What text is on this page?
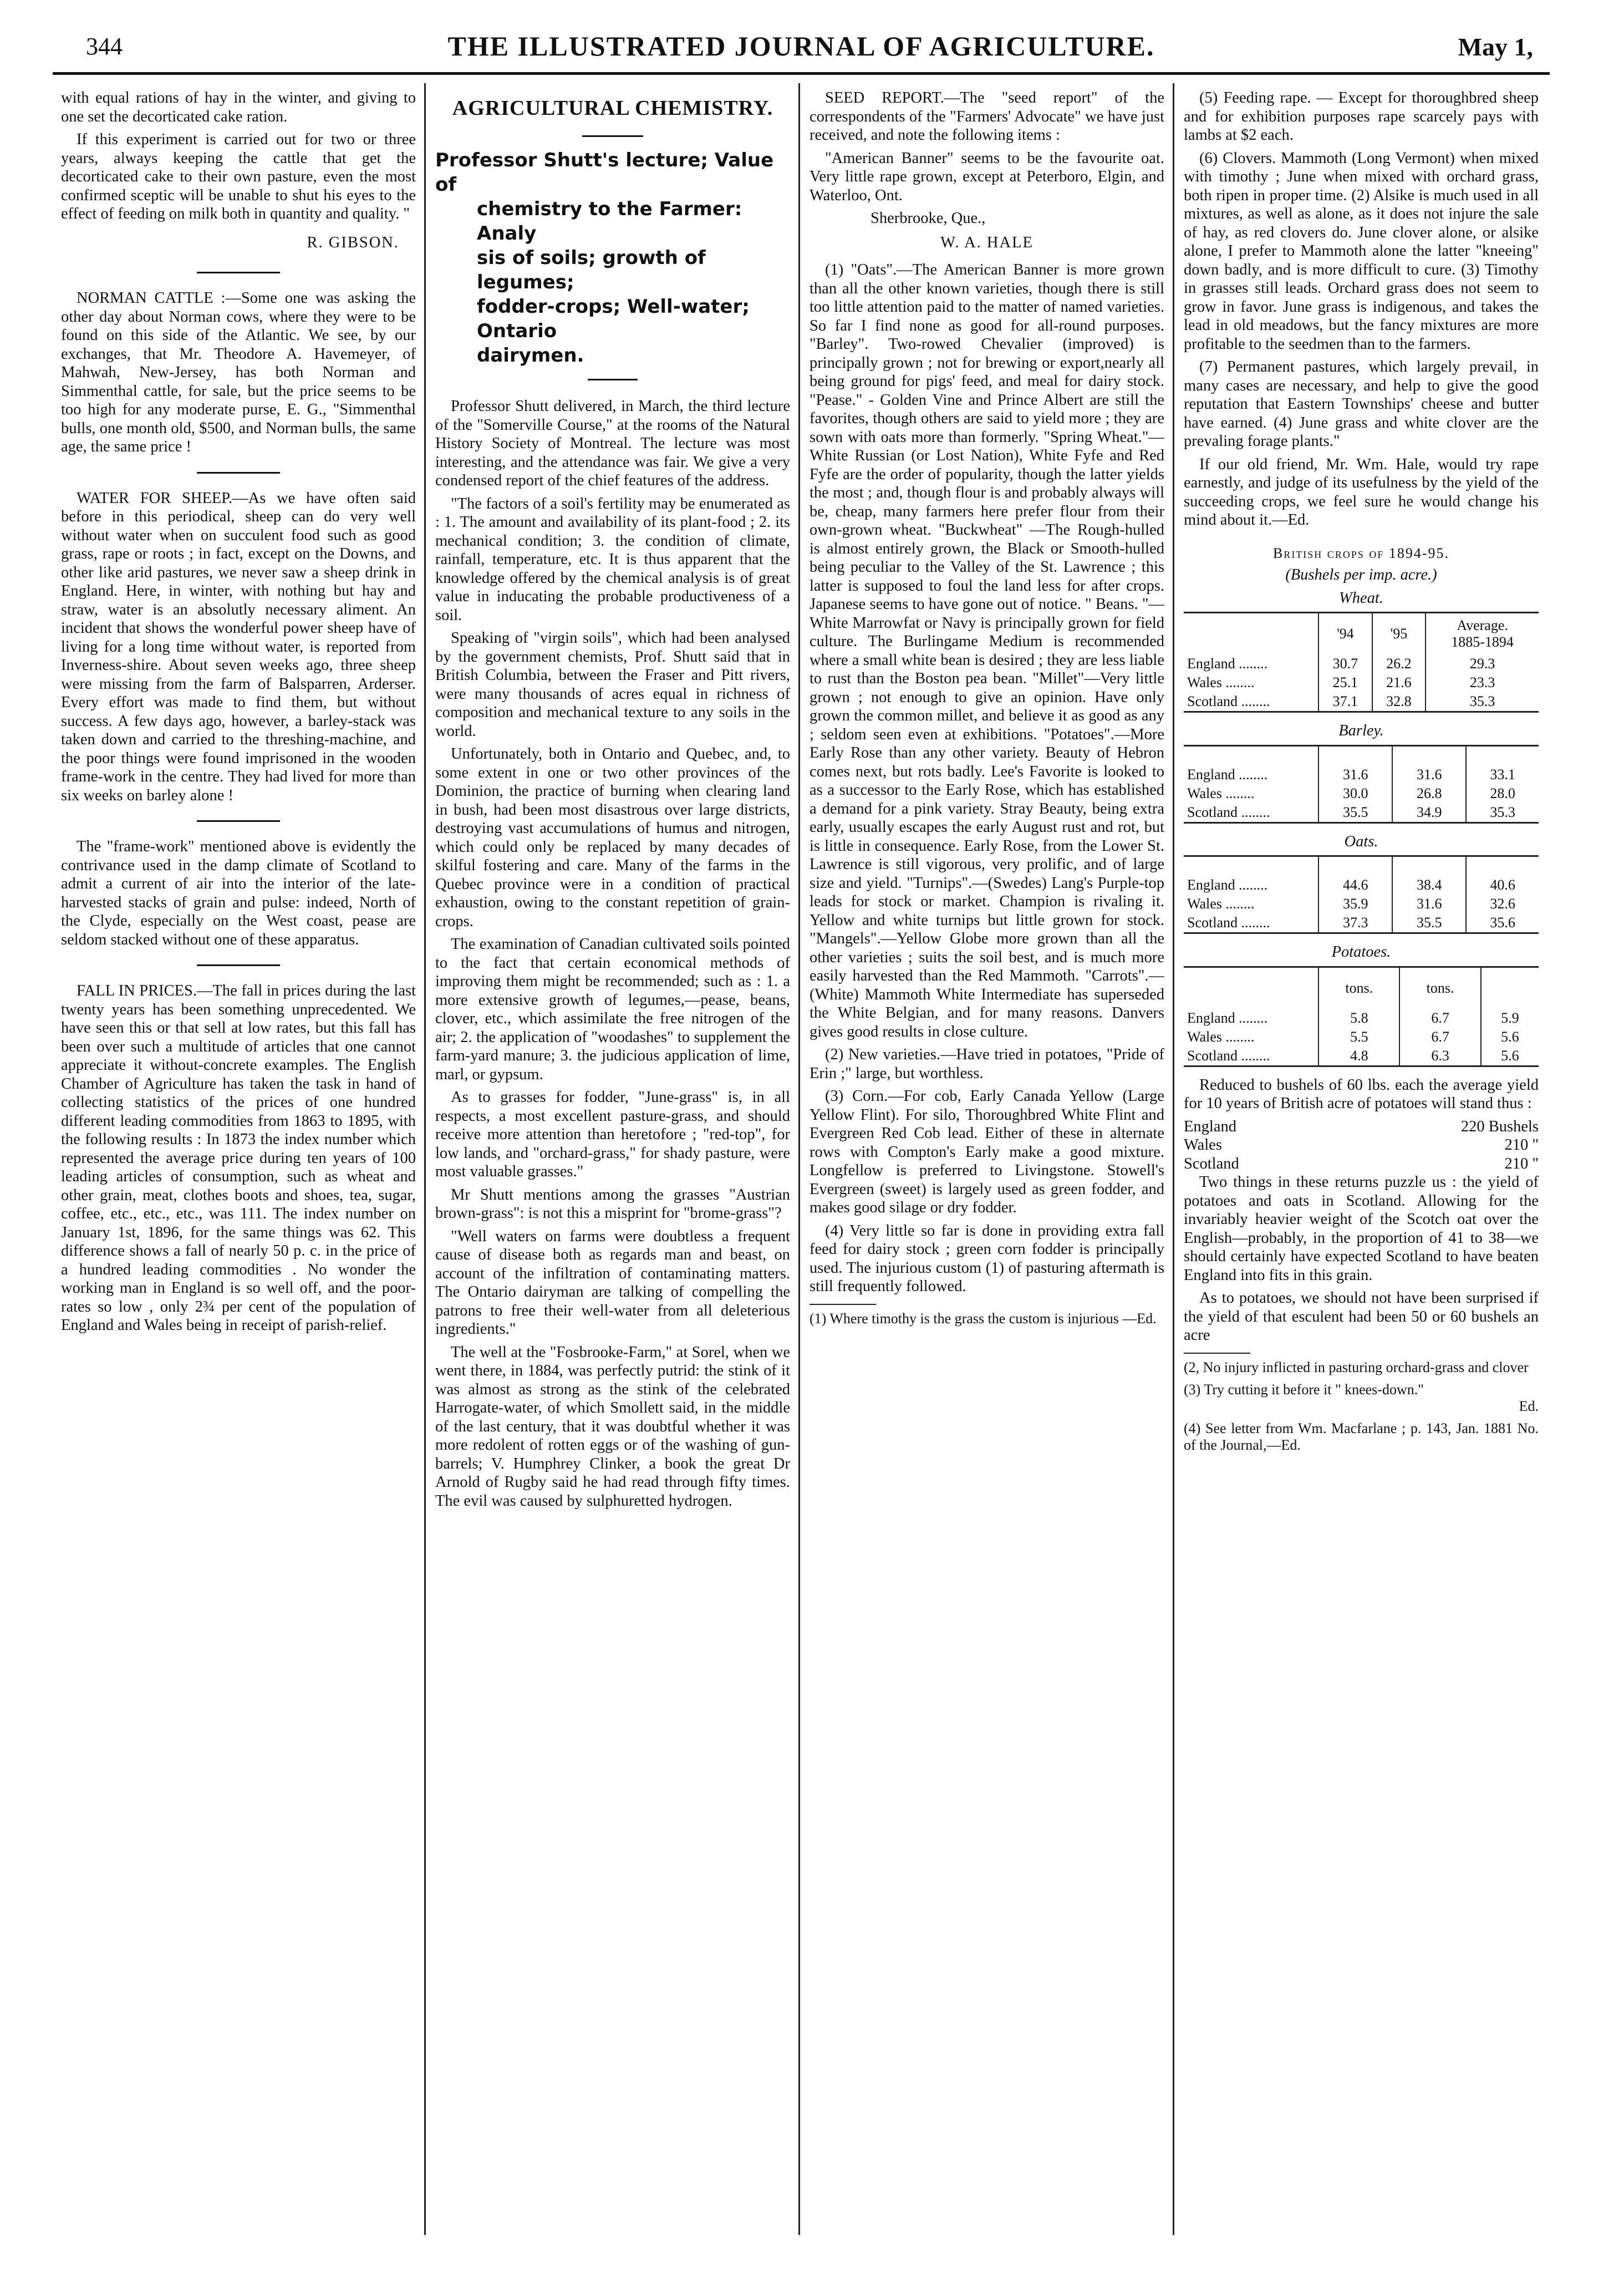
344	THE ILLUSTRATED JOURNAL OF AGRICULTURE.	May 1,

with equal rations of hay in the winter, and giving to one set the decorticated cake ration.

If this experiment is carried out for two or three years, always keeping the cattle that get the decorticated cake to their own pasture, even the most confirmed sceptic will be unable to shut his eyes to the effect of feeding on milk both in quantity and quality. "

R. GIBSON.

NORMAN CATTLE :—Some one was asking the other day about Norman cows, where they were to be found on this side of the Atlantic. We see, by our exchanges, that Mr. Theodore A. Havemeyer, of Mahwah, New-Jersey, has both Norman and Simmenthal cattle, for sale, but the price seems to be too high for any moderate purse, E. G., "Simmenthal bulls, one month old, $500, and Norman bulls, the same age, the same price !

WATER FOR SHEEP.—As we have often said before in this periodical, sheep can do very well without water when on succulent food such as good grass, rape or roots ; in fact, except on the Downs, and other like arid pastures, we never saw a sheep drink in England. Here, in winter, with nothing but hay and straw, water is an absolutly necessary aliment. An incident that shows the wonderful power sheep have of living for a long time without water, is reported from Inverness-shire. About seven weeks ago, three sheep were missing from the farm of Balsparren, Arderser. Every effort was made to find them, but without success. A few days ago, however, a barley-stack was taken down and carried to the threshing-machine, and the poor things were found imprisoned in the wooden frame-work in the centre. They had lived for more than six weeks on barley alone !

The "frame-work" mentioned above is evidently the contrivance used in the damp climate of Scotland to admit a current of air into the interior of the late-harvested stacks of grain and pulse: indeed, North of the Clyde, especially on the West coast, pease are seldom stacked without one of these apparatus.

FALL IN PRICES.—The fall in prices during the last twenty years has been something unprecedented. We have seen this or that sell at low rates, but this fall has been over such a multitude of articles that one cannot appreciate it without-concrete examples. The English Chamber of Agriculture has taken the task in hand of collecting statistics of the prices of one hundred different leading commodities from 1863 to 1895, with the following results : In 1873 the index number which represented the average price during ten years of 100 leading articles of consumption, such as wheat and other grain, meat, clothes boots and shoes, tea, sugar, coffee, etc., etc., etc., was 111. The index number on January 1st, 1896, for the same things was 62. This difference shows a fall of nearly 50 p. c. in the price of a hundred leading commodities . No wonder the working man in England is so well off, and the poor-rates so low , only 2¾ per cent of the population of England and Wales being in receipt of parish-relief.

AGRICULTURAL CHEMISTRY.
Professor Shutt's lecture; Value of
chemistry to the Farmer: Analy
sis of soils; growth of legumes;
fodder-crops; Well-water; Ontario
dairymen.

Professor Shutt delivered, in March, the third lecture of the "Somerville Course," at the rooms of the Natural History Society of Montreal. The lecture was most interesting, and the attendance was fair. We give a very condensed report of the chief features of the address.

"The factors of a soil's fertility may be enumerated as : 1. The amount and availability of its plant-food ; 2. its mechanical condition; 3. the condition of climate, rainfall, temperature, etc. It is thus apparent that the knowledge offered by the chemical analysis is of great value in inducating the probable productiveness of a soil.

Speaking of "virgin soils", which had been analysed by the government chemists, Prof. Shutt said that in British Columbia, between the Fraser and Pitt rivers, were many thousands of acres equal in richness of composition and mechanical texture to any soils in the world.

Unfortunately, both in Ontario and Quebec, and, to some extent in one or two other provinces of the Dominion, the practice of burning when clearing land in bush, had been most disastrous over large districts, destroying vast accumulations of humus and nitrogen, which could only be replaced by many decades of skilful fostering and care. Many of the farms in the Quebec province were in a condition of practical exhaustion, owing to the constant repetition of grain-crops.

The examination of Canadian cultivated soils pointed to the fact that certain economical methods of improving them might be recommended; such as : 1. a more extensive growth of legumes,—pease, beans, clover, etc., which assimilate the free nitrogen of the air; 2. the application of "woodashes" to supplement the farm-yard manure; 3. the judicious application of lime, marl, or gypsum.

As to grasses for fodder, "June-grass" is, in all respects, a most excellent pasture-grass, and should receive more attention than heretofore ; "red-top", for low lands, and "orchard-grass," for shady pasture, were most valuable grasses."

Mr Shutt mentions among the grasses "Austrian brown-grass": is not this a misprint for "brome-grass"?

"Well waters on farms were doubtless a frequent cause of disease both as regards man and beast, on account of the infiltration of contaminating matters. The Ontario dairyman are talking of compelling the patrons to free their well-water from all deleterious ingredients."

The well at the "Fosbrooke-Farm," at Sorel, when we went there, in 1884, was perfectly putrid: the stink of it was almost as strong as the stink of the celebrated Harrogate-water, of which Smollett said, in the middle of the last century, that it was doubtful whether it was more redolent of rotten eggs or of the washing of gun-barrels; V. Humphrey Clinker, a book the great Dr Arnold of Rugby said he had read through fifty times. The evil was caused by sulphuretted hydrogen.

SEED REPORT.—The "seed report" of the correspondents of the "Farmers' Advocate" we have just received, and note the following items :

"American Banner" seems to be the favourite oat. Very little rape grown, except at Peterboro, Elgin, and Waterloo, Ont.

Sherbrooke, Que.,

W. A. HALE

(1) "Oats".—The American Banner is more grown than all the other known varieties, though there is still too little attention paid to the matter of named varieties. So far I find none as good for all-round purposes. "Barley". Two-rowed Chevalier (improved) is principally grown ; not for brewing or export,nearly all being ground for pigs' feed, and meal for dairy stock. "Pease." - Golden Vine and Prince Albert are still the favorites, though others are said to yield more ; they are sown with oats more than formerly. "Spring Wheat."—White Russian (or Lost Nation), White Fyfe and Red Fyfe are the order of popularity, though the latter yields the most ; and, though flour is and probably always will be, cheap, many farmers here prefer flour from their own-grown wheat. "Buckwheat" —The Rough-hulled is almost entirely grown, the Black or Smooth-hulled being peculiar to the Valley of the St. Lawrence ; this latter is supposed to foul the land less for after crops. Japanese seems to have gone out of notice. " Beans. "—White Marrowfat or Navy is principally grown for field culture. The Burlingame Medium is recommended where a small white bean is desired ; they are less liable to rust than the Boston pea bean. "Millet"—Very little grown ; not enough to give an opinion. Have only grown the common millet, and believe it as good as any ; seldom seen even at exhibitions. "Potatoes".—More Early Rose than any other variety. Beauty of Hebron comes next, but rots badly. Lee's Favorite is looked to as a successor to the Early Rose, which has established a demand for a pink variety. Stray Beauty, being extra early, usually escapes the early August rust and rot, but is little in consequence. Early Rose, from the Lower St. Lawrence is still vigorous, very prolific, and of large size and yield. "Turnips".—(Swedes) Lang's Purple-top leads for stock or market. Champion is rivaling it. Yellow and white turnips but little grown for stock. "Mangels".—Yellow Globe more grown than all the other varieties ; suits the soil best, and is much more easily harvested than the Red Mammoth. "Carrots".—(White) Mammoth White Intermediate has superseded the White Belgian, and for many reasons. Danvers gives good results in close culture.

(2) New varieties.—Have tried in potatoes, "Pride of Erin ;" large, but worthless.

(3) Corn.—For cob, Early Canada Yellow (Large Yellow Flint). For silo, Thoroughbred White Flint and Evergreen Red Cob lead. Either of these in alternate rows with Compton's Early make a good mixture. Longfellow is preferred to Livingstone. Stowell's Evergreen (sweet) is largely used as green fodder, and makes good silage or dry fodder.

(4) Very little so far is done in providing extra fall feed for dairy stock ; green corn fodder is principally used. The injurious custom (1) of pasturing aftermath is still frequently followed.

(1) Where timothy is the grass the custom is injurious —Ed.

(5) Feeding rape. — Except for thoroughbred sheep and for exhibition purposes rape scarcely pays with lambs at $2 each.

(6) Clovers. Mammoth (Long Vermont) when mixed with timothy ; June when mixed with orchard grass, both ripen in proper time. (2) Alsike is much used in all mixtures, as well as alone, as it does not injure the sale of hay, as red clovers do. June clover alone, or alsike alone, I prefer to Mammoth alone the latter "kneeing" down badly, and is more difficult to cure. (3) Timothy in grasses still leads. Orchard grass does not seem to grow in favor. June grass is indigenous, and takes the lead in old meadows, but the fancy mixtures are more profitable to the seedmen than to the farmers.

(7) Permanent pastures, which largely prevail, in many cases are necessary, and help to give the good reputation that Eastern Townships' cheese and butter have earned. (4) June grass and white clover are the prevaling forage plants."

If our old friend, Mr. Wm. Hale, would try rape earnestly, and judge of its usefulness by the yield of the succeeding crops, we feel sure he would change his mind about it.—Ed.

British crops of 1894-95.

(Bushels per imp. acre.)

Wheat.

	'94	'95	Average.
1885-1894
England ........	30.7	26.2	29.3
Wales ........	25.1	21.6	23.3
Scotland ........	37.1	32.8	35.3

Barley.

England ........	31.6	31.6	33.1
Wales ........	30.0	26.8	28.0
Scotland ........	35.5	34.9	35.3

Oats.

England ........	44.6	38.4	40.6
Wales ........	35.9	31.6	32.6
Scotland ........	37.3	35.5	35.6

Potatoes.

	tons.	tons.	
England ........	5.8	6.7	5.9
Wales ........	5.5	6.7	5.6
Scotland ........	4.8	6.3	5.6

Reduced to bushels of 60 lbs. each the average yield for 10 years of British acre of potatoes will stand thus :

England	220 Bushels
Wales	210 "
Scotland	210 "

Two things in these returns puzzle us : the yield of potatoes and oats in Scotland. Allowing for the invariably heavier weight of the Scotch oat over the English—probably, in the proportion of 41 to 38—we should certainly have expected Scotland to have beaten England into fits in this grain.

As to potatoes, we should not have been surprised if the yield of that esculent had been 50 or 60 bushels an acre

(2, No injury inflicted in pasturing orchard-grass and clover

(3) Try cutting it before it " knees-down."

Ed.

(4) See letter from Wm. Macfarlane ; p. 143, Jan. 1881 No. of the Journal,—Ed.
